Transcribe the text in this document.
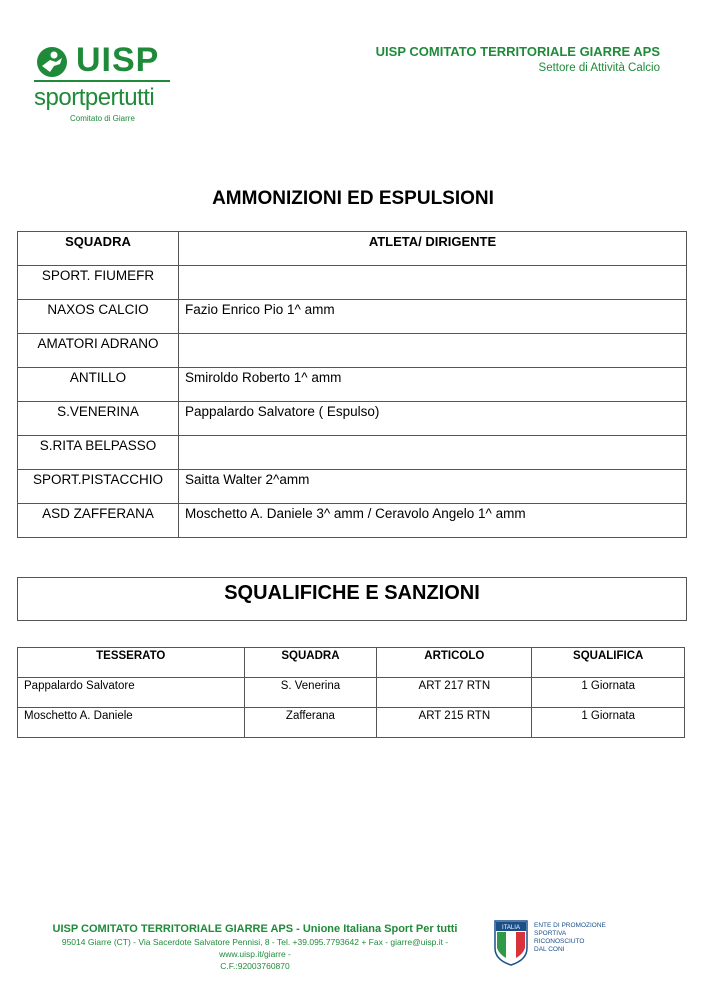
UISP
sportpertutti
Comitato di Giarre
UISP COMITATO TERRITORIALE GIARRE APS
Settore di Attività Calcio
AMMONIZIONI ED ESPULSIONI
SQUADRA	ATLETA/ DIRIGENTE
SPORT. FIUMEFR	
NAXOS CALCIO	Fazio Enrico Pio 1^ amm
AMATORI ADRANO	
ANTILLO	Smiroldo Roberto 1^ amm
S.VENERINA	Pappalardo Salvatore ( Espulso)
S.RITA BELPASSO	
SPORT.PISTACCHIO	Saitta Walter 2^amm
ASD ZAFFERANA	Moschetto A. Daniele 3^ amm / Ceravolo Angelo 1^ amm
SQUALIFICHE E SANZIONI
TESSERATO	SQUADRA	ARTICOLO	SQUALIFICA
Pappalardo Salvatore	S. Venerina	ART 217 RTN	1 Giornata
Moschetto A. Daniele	Zafferana	ART 215 RTN	1 Giornata
UISP COMITATO TERRITORIALE GIARRE APS - Unione Italiana Sport Per tutti
95014 Giarre (CT) - Via Sacerdote Salvatore Pennisi, 8 - Tel. +39.095.7793642 + Fax - giarre@uisp.it - www.uisp.it/giarre -
C.F.:92003760870
ITALIA ENTE DI PROMOZIONE
SPORTIVA
RICONOSCIUTO
DAL CONI
